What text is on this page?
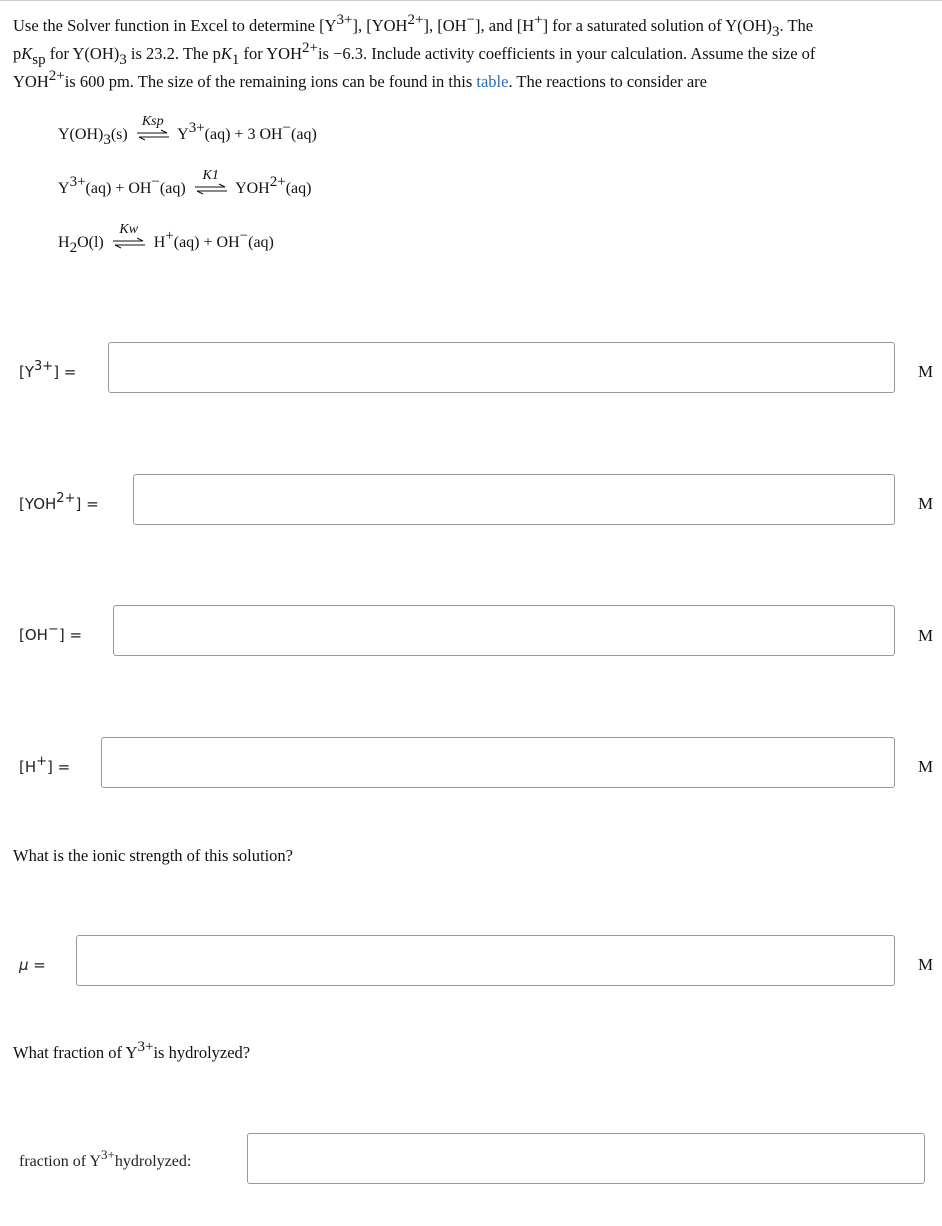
Use the Solver function in Excel to determine $[Y^{3+}]$, $[YOH^{2+}]$, [OH−], and [H+] for a saturated solution of $Y(OH)_3$. The
$pK_{sp}$ for $Y(OH)_3$ is 23.2. The $pK_1$ for $YOH^{2+}is -6.3$. Include activity coefficients in your calculation. Assume the size of
$YOH^{2+}is$ 600 pm. The size of the remaining ions can be found in this table. The reactions to consider are
$Y(OH)_3(s)$
Ksp
$Y^{3+}(aq) + 3$ OH−(aq)
$Y^{3+}(aq) + OH^-(aq)$
K1
$YOH^{2+}(aq)$
$H_2O(l)$
Kw
H+(aq) + OH−(aq)
$[Y^{3+}]$ =	M
$[YOH^{2+}]$ =	M
[OH−] =	M
[H+] =	M
What is the ionic strength of this solution?
μ =	M
What fraction of $Y^{3+}is$ hydrolyzed?
fraction of $Y^{3+}hydrolyzed$:
